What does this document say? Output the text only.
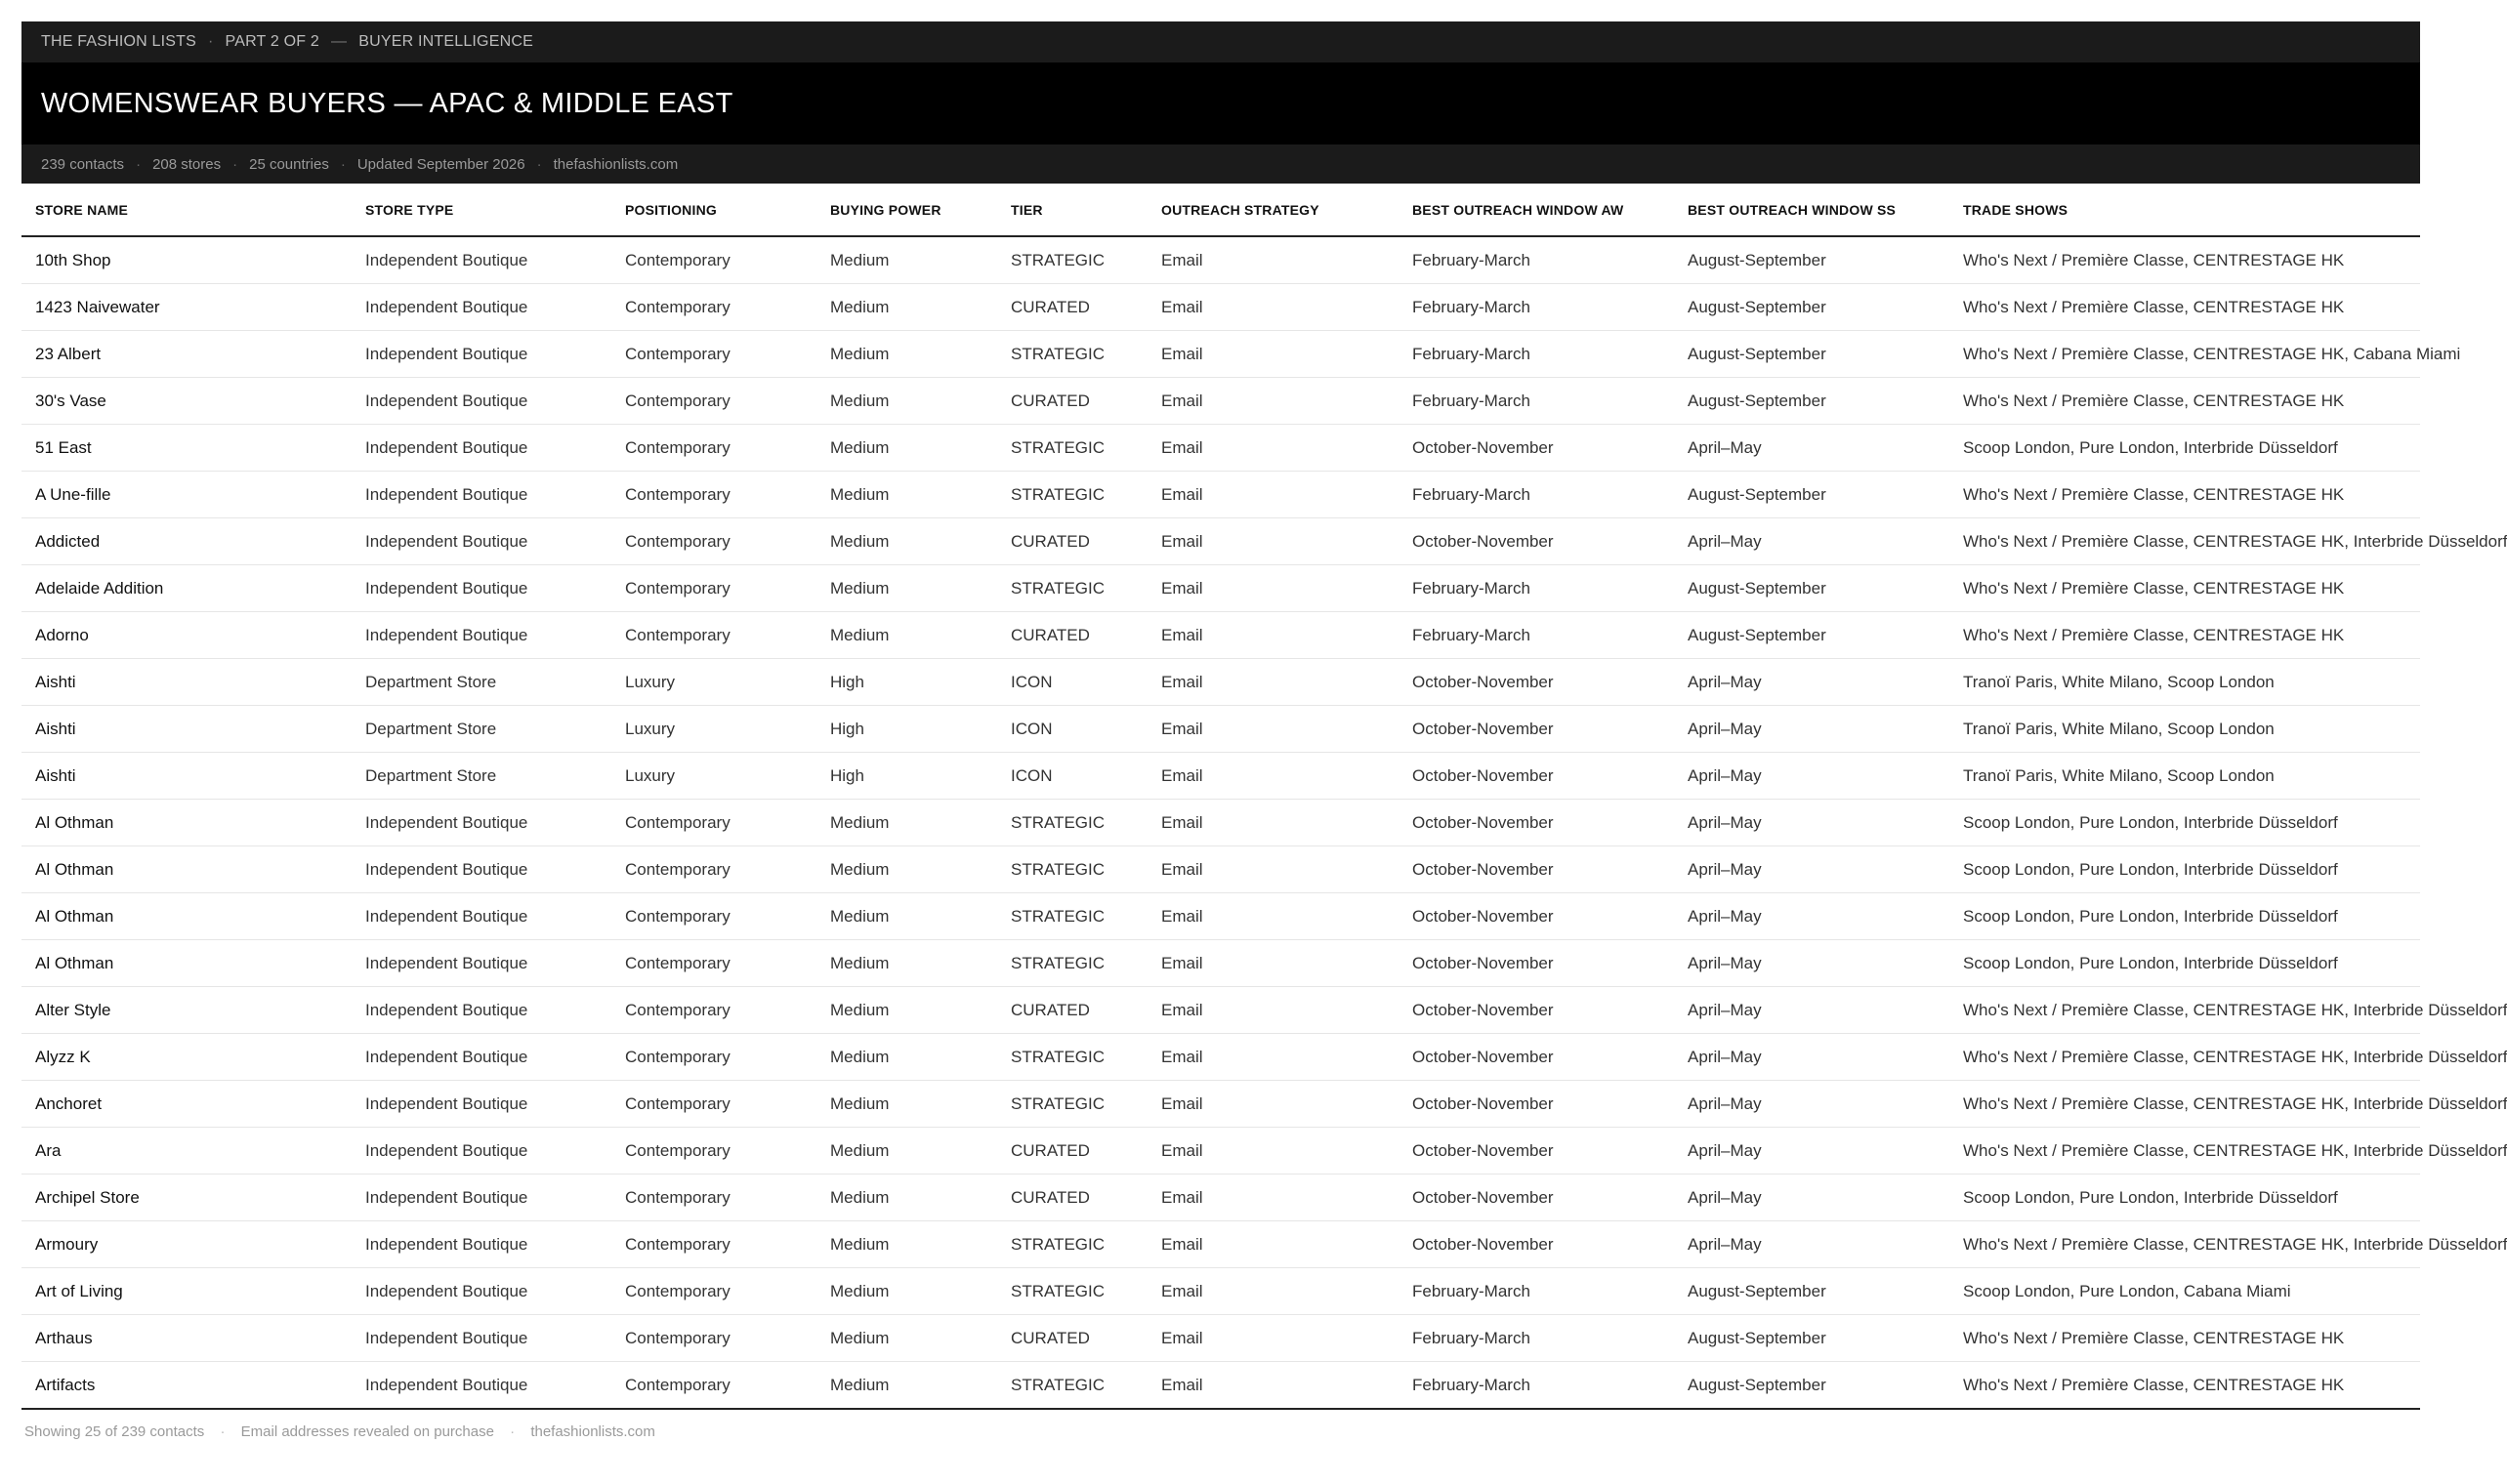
THE FASHION LISTS · PART 2 OF 2 — BUYER INTELLIGENCE
WOMENSWEAR BUYERS — APAC & MIDDLE EAST
239 contacts · 208 stores · 25 countries · Updated September 2026 · thefashionlists.com
STORE NAME	STORE TYPE	POSITIONING	BUYING POWER	TIER	OUTREACH STRATEGY	BEST OUTREACH WINDOW AW	BEST OUTREACH WINDOW SS	TRADE SHOWS
10th Shop	Independent Boutique	Contemporary	Medium	STRATEGIC	Email	February-March	August-September	Who's Next / Première Classe, CENTRESTAGE HK
1423 Naivewater	Independent Boutique	Contemporary	Medium	CURATED	Email	February-March	August-September	Who's Next / Première Classe, CENTRESTAGE HK
23 Albert	Independent Boutique	Contemporary	Medium	STRATEGIC	Email	February-March	August-September	Who's Next / Première Classe, CENTRESTAGE HK, Cabana Miami
30's Vase	Independent Boutique	Contemporary	Medium	CURATED	Email	February-March	August-September	Who's Next / Première Classe, CENTRESTAGE HK
51 East	Independent Boutique	Contemporary	Medium	STRATEGIC	Email	October-November	April–May	Scoop London, Pure London, Interbride Düsseldorf
A Une-fille	Independent Boutique	Contemporary	Medium	STRATEGIC	Email	February-March	August-September	Who's Next / Première Classe, CENTRESTAGE HK
Addicted	Independent Boutique	Contemporary	Medium	CURATED	Email	October-November	April–May	Who's Next / Première Classe, CENTRESTAGE HK, Interbride Düsseldorf
Adelaide Addition	Independent Boutique	Contemporary	Medium	STRATEGIC	Email	February-March	August-September	Who's Next / Première Classe, CENTRESTAGE HK
Adorno	Independent Boutique	Contemporary	Medium	CURATED	Email	February-March	August-September	Who's Next / Première Classe, CENTRESTAGE HK
Aishti	Department Store	Luxury	High	ICON	Email	October-November	April–May	Tranoï Paris, White Milano, Scoop London
Aishti	Department Store	Luxury	High	ICON	Email	October-November	April–May	Tranoï Paris, White Milano, Scoop London
Aishti	Department Store	Luxury	High	ICON	Email	October-November	April–May	Tranoï Paris, White Milano, Scoop London
Al Othman	Independent Boutique	Contemporary	Medium	STRATEGIC	Email	October-November	April–May	Scoop London, Pure London, Interbride Düsseldorf
Al Othman	Independent Boutique	Contemporary	Medium	STRATEGIC	Email	October-November	April–May	Scoop London, Pure London, Interbride Düsseldorf
Al Othman	Independent Boutique	Contemporary	Medium	STRATEGIC	Email	October-November	April–May	Scoop London, Pure London, Interbride Düsseldorf
Al Othman	Independent Boutique	Contemporary	Medium	STRATEGIC	Email	October-November	April–May	Scoop London, Pure London, Interbride Düsseldorf
Alter Style	Independent Boutique	Contemporary	Medium	CURATED	Email	October-November	April–May	Who's Next / Première Classe, CENTRESTAGE HK, Interbride Düsseldorf
Alyzz K	Independent Boutique	Contemporary	Medium	STRATEGIC	Email	October-November	April–May	Who's Next / Première Classe, CENTRESTAGE HK, Interbride Düsseldorf
Anchoret	Independent Boutique	Contemporary	Medium	STRATEGIC	Email	October-November	April–May	Who's Next / Première Classe, CENTRESTAGE HK, Interbride Düsseldorf
Ara	Independent Boutique	Contemporary	Medium	CURATED	Email	October-November	April–May	Who's Next / Première Classe, CENTRESTAGE HK, Interbride Düsseldorf
Archipel Store	Independent Boutique	Contemporary	Medium	CURATED	Email	October-November	April–May	Scoop London, Pure London, Interbride Düsseldorf
Armoury	Independent Boutique	Contemporary	Medium	STRATEGIC	Email	October-November	April–May	Who's Next / Première Classe, CENTRESTAGE HK, Interbride Düsseldorf
Art of Living	Independent Boutique	Contemporary	Medium	STRATEGIC	Email	February-March	August-September	Scoop London, Pure London, Cabana Miami
Arthaus	Independent Boutique	Contemporary	Medium	CURATED	Email	February-March	August-September	Who's Next / Première Classe, CENTRESTAGE HK
Artifacts	Independent Boutique	Contemporary	Medium	STRATEGIC	Email	February-March	August-September	Who's Next / Première Classe, CENTRESTAGE HK
Showing 25 of 239 contacts · Email addresses revealed on purchase · thefashionlists.com
